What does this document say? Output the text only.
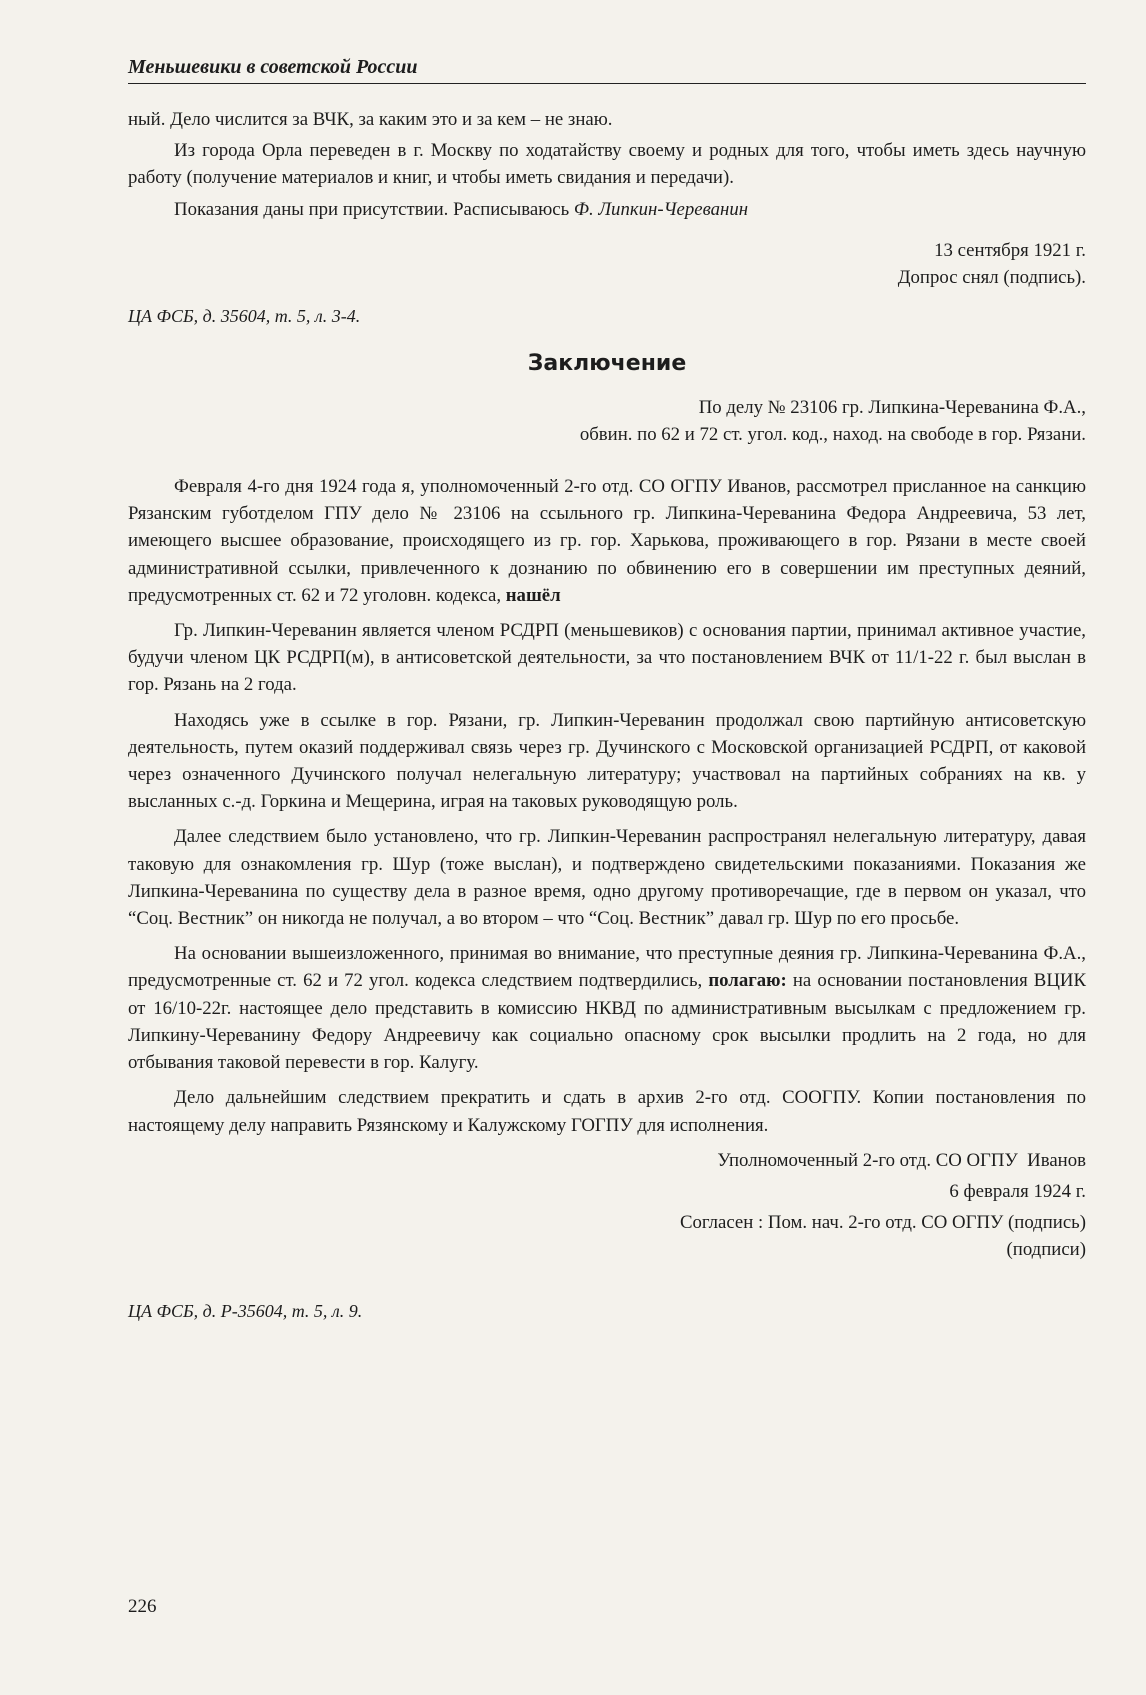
Меньшевики в советской России

ный. Дело числится за ВЧК, за каким это и за кем – не знаю.

Из города Орла переведен в г. Москву по ходатайству своему и родных для того, чтобы иметь здесь научную работу (получение материалов и книг, и чтобы иметь свидания и передачи).

Показания даны при присутствии. Расписываюсь Ф. Липкин-Череванин

13 сентября 1921 г.

Допрос снял (подпись).

ЦА ФСБ, д. 35604, т. 5, л. 3-4.

Заключение

По делу № 23106 гр. Липкина-Череванина Ф.А.,

обвин. по 62 и 72 ст. угол. код., наход. на свободе в гор. Рязани.

Февраля 4-го дня 1924 года я, уполномоченный 2-го отд. СО ОГПУ Иванов, рассмотрел присланное на санкцию Рязанским губотделом ГПУ дело № 23106 на ссыльного гр. Липкина-Череванина Федора Андреевича, 53 лет, имеющего высшее образование, происходящего из гр. гор. Харькова, проживающего в гор. Рязани в месте своей административной ссылки, привлеченного к дознанию по обвинению его в совершении им преступных деяний, предусмотренных ст. 62 и 72 уголовн. кодекса, нашёл

Гр. Липкин-Череванин является членом РСДРП (меньшевиков) с основания партии, принимал активное участие, будучи членом ЦК РСДРП(м), в антисоветской деятельности, за что постановлением ВЧК от 11/1-22 г. был выслан в гор. Рязань на 2 года.

Находясь уже в ссылке в гор. Рязани, гр. Липкин-Череванин продолжал свою партийную антисоветскую деятельность, путем оказий поддерживал связь через гр. Дучинского с Московской организацией РСДРП, от каковой через означенного Дучинского получал нелегальную литературу; участвовал на партийных собраниях на кв. у высланных с.-д. Горкина и Мещерина, играя на таковых руководящую роль.

Далее следствием было установлено, что гр. Липкин-Череванин распространял нелегальную литературу, давая таковую для ознакомления гр. Шур (тоже выслан), и подтверждено свидетельскими показаниями. Показания же Липкина-Череванина по существу дела в разное время, одно другому противоречащие, где в первом он указал, что “Соц. Вестник” он никогда не получал, а во втором – что “Соц. Вестник” давал гр. Шур по его просьбе.

На основании вышеизложенного, принимая во внимание, что преступные деяния гр. Липкина-Череванина Ф.А., предусмотренные ст. 62 и 72 угол. кодекса следствием подтвердились, полагаю: на основании постановления ВЦИК от 16/10-22г. настоящее дело представить в комиссию НКВД по административным высылкам с предложением гр. Липкину-Череванину Федору Андреевичу как социально опасному срок высылки продлить на 2 года, но для отбывания таковой перевести в гор. Калугу.

Дело дальнейшим следствием прекратить и сдать в архив 2-го отд. СООГПУ. Копии постановления по настоящему делу направить Рязянскому и Калужскому ГОГПУ для исполнения.

Уполномоченный 2-го отд. СО ОГПУ  Иванов

6 февраля 1924 г.

Согласен : Пом. нач. 2-го отд. СО ОГПУ (подпись)

(подписи)

ЦА ФСБ, д. Р-35604, т. 5, л. 9.

226
